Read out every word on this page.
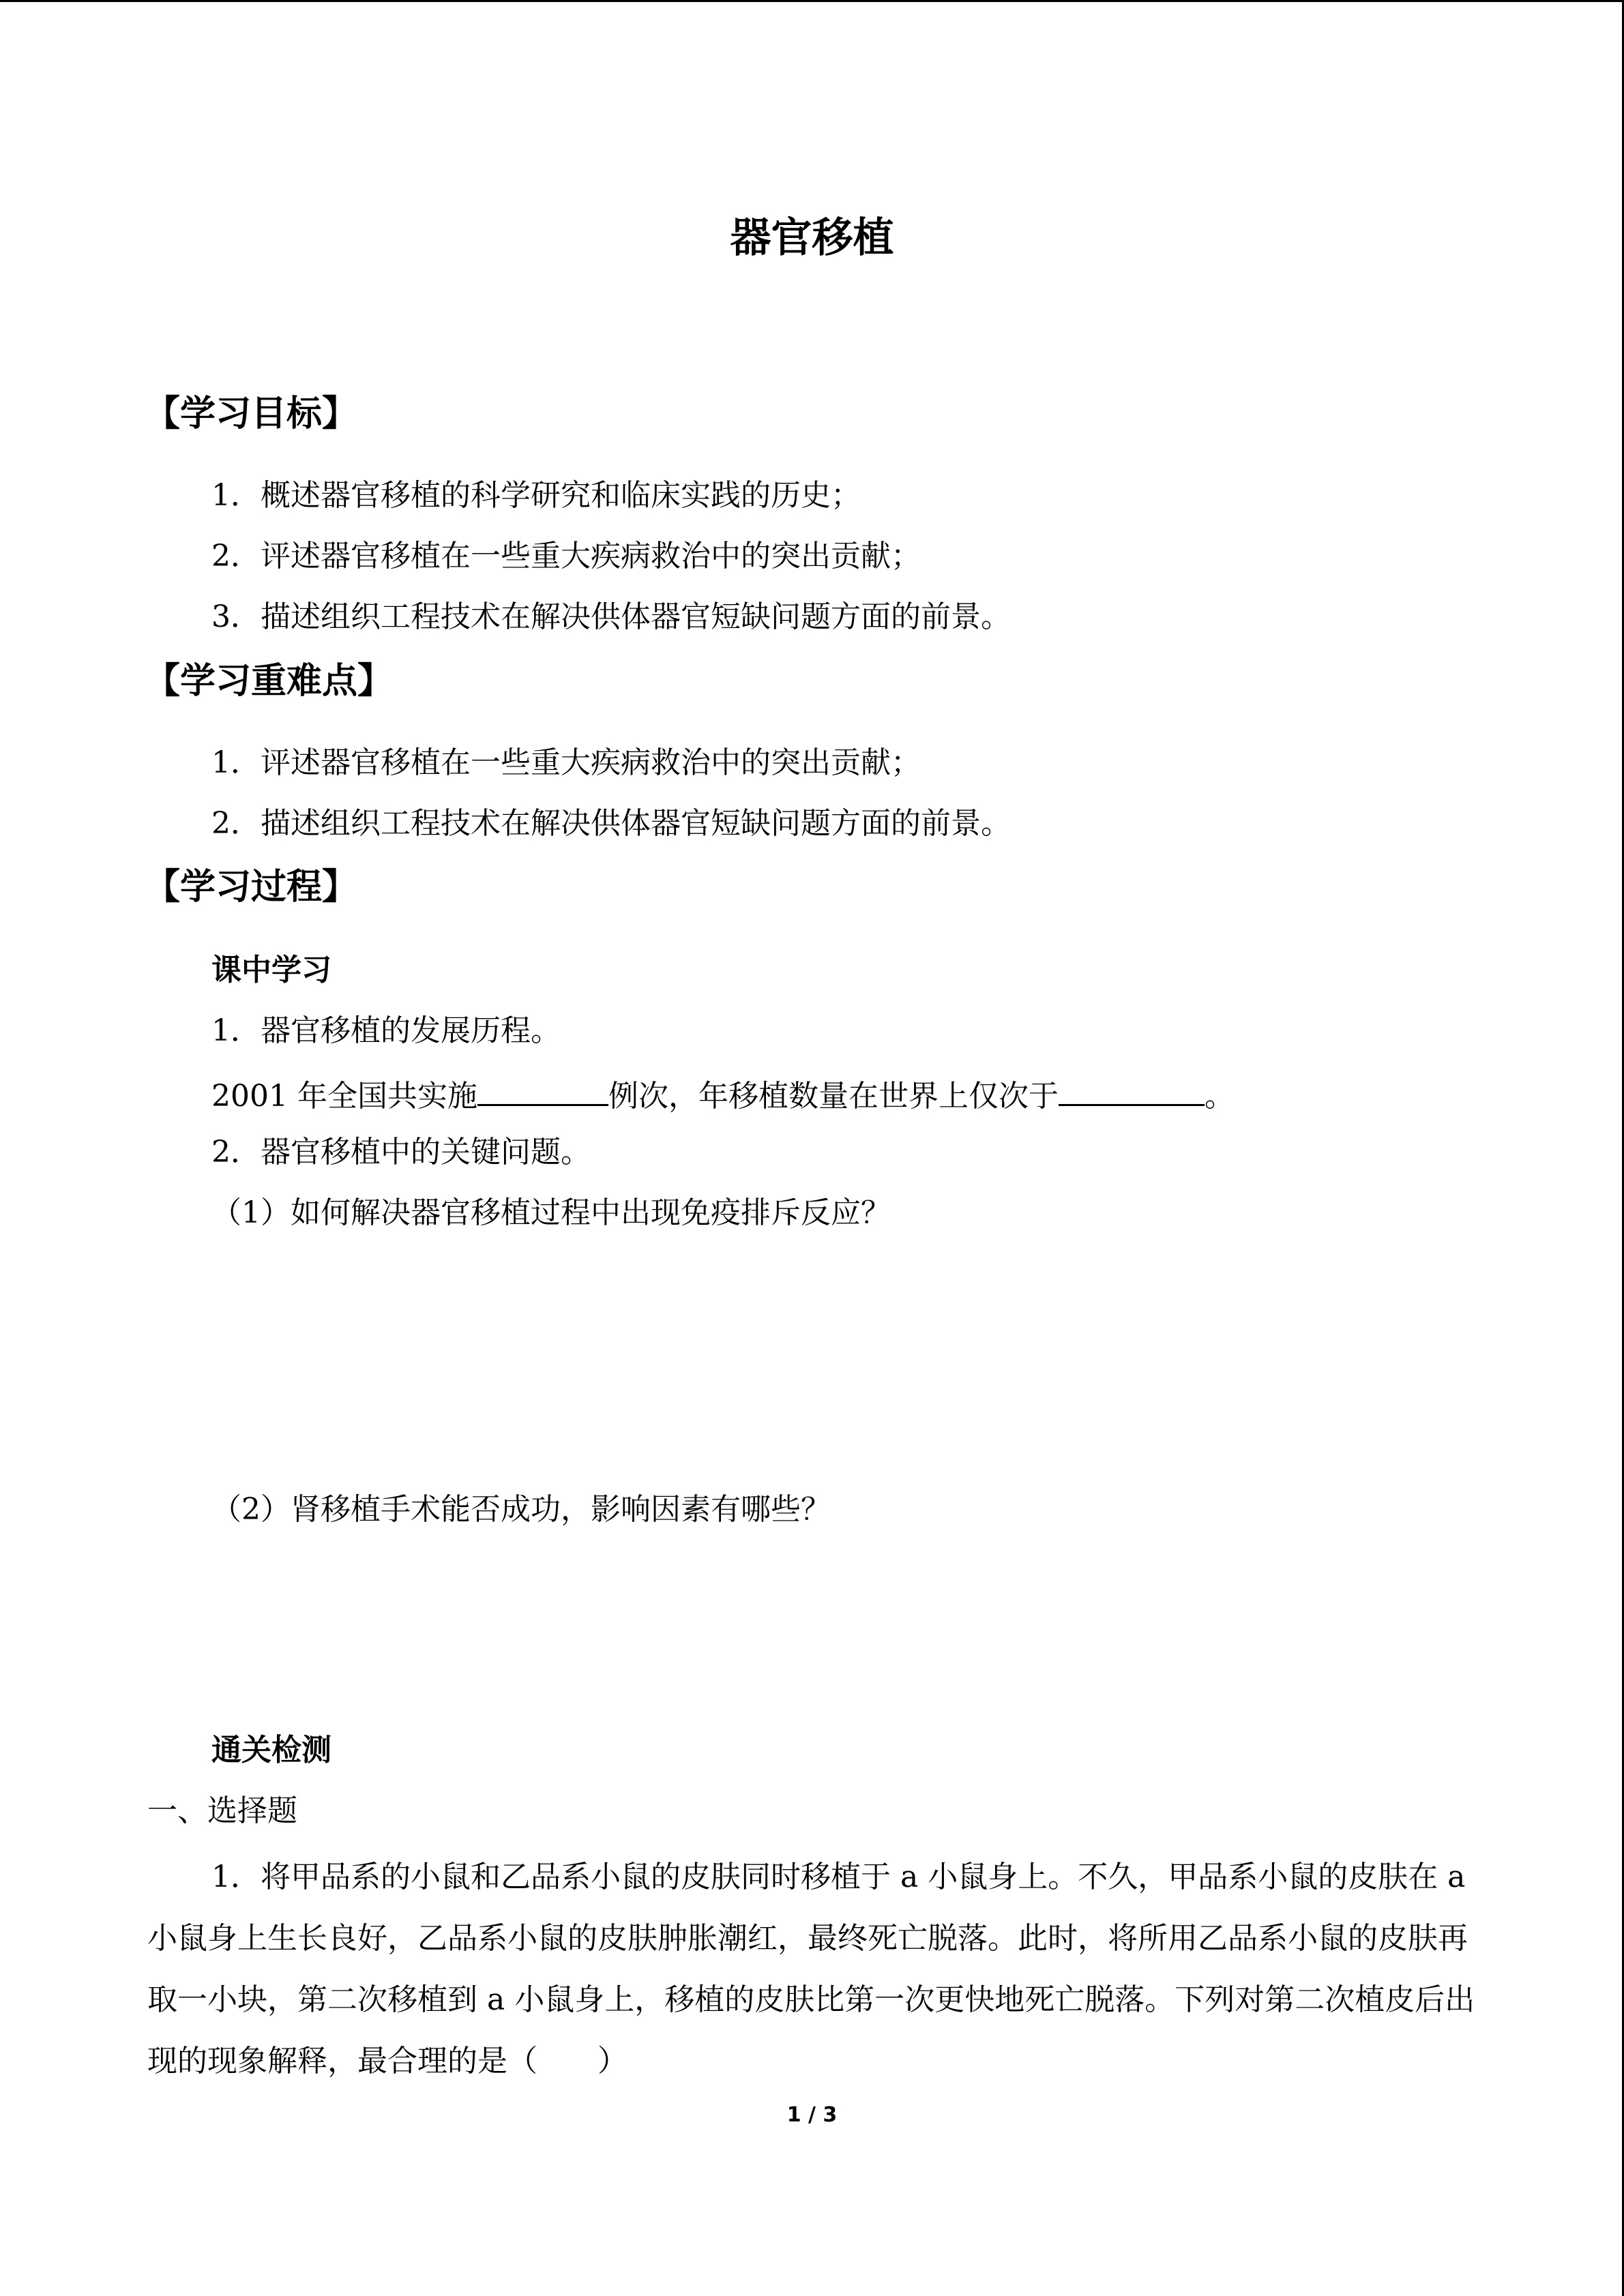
器官移植
【学习目标】
1．概述器官移植的科学研究和临床实践的历史；
2．评述器官移植在一些重大疾病救治中的突出贡献；
3．描述组织工程技术在解决供体器官短缺问题方面的前景。
【学习重难点】
1．评述器官移植在一些重大疾病救治中的突出贡献；
2．描述组织工程技术在解决供体器官短缺问题方面的前景。
【学习过程】
课中学习
1．器官移植的发展历程。
2001 年全国共实施	例次，年移植数量在世界上仅次于	。
2．器官移植中的关键问题。
（1）如何解决器官移植过程中出现免疫排斥反应？
（2）肾移植手术能否成功，影响因素有哪些？
通关检测
一、选择题
1．将甲品系的小鼠和乙品系小鼠的皮肤同时移植于 a 小鼠身上。不久，甲品系小鼠的皮肤在 a 小鼠身上生长良好，乙品系小鼠的皮肤肿胀潮红，最终死亡脱落。此时，将所用乙品系小鼠的皮肤再取一小块，第二次移植到 a 小鼠身上，移植的皮肤比第一次更快地死亡脱落。下列对第二次植皮后出现的现象解释，最合理的是（　　）
1 / 3
